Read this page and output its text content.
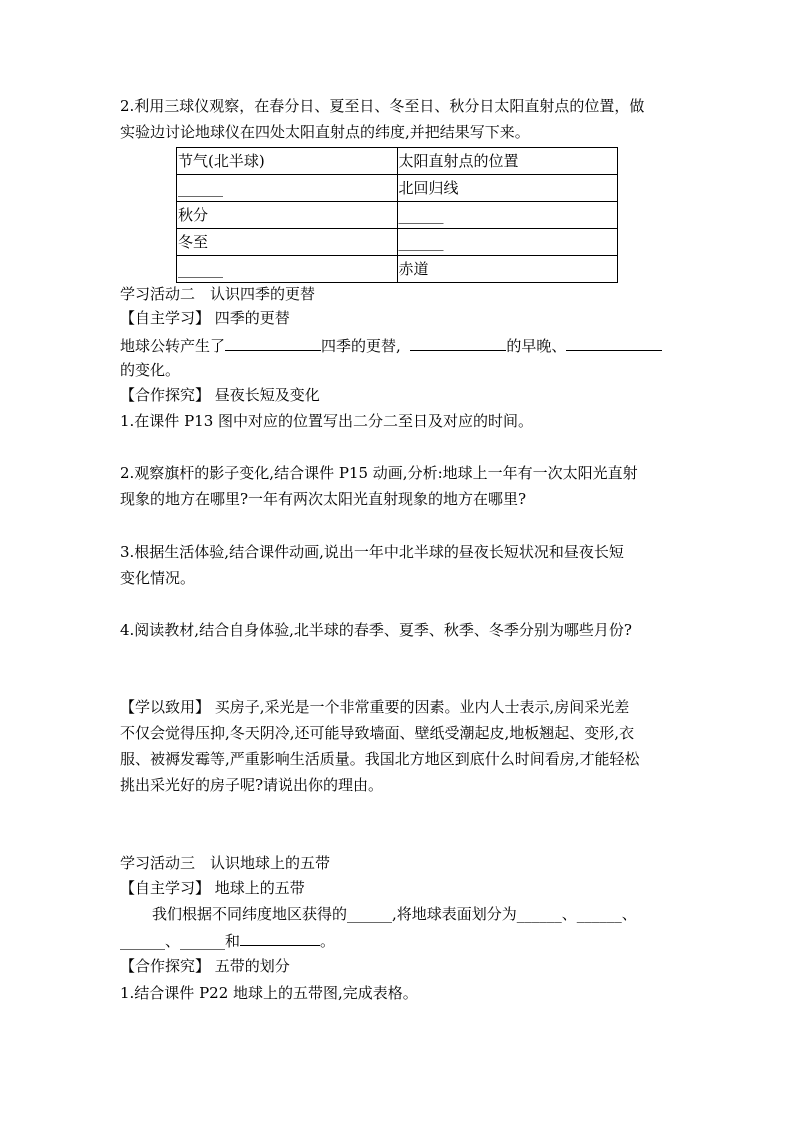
2.利用三球仪观察，在春分日、夏至日、冬至日、秋分日太阳直射点的位置，做
实验边讨论地球仪在四处太阳直射点的纬度,并把结果写下来。
节气(北半球)	太阳直射点的位置
______	北回归线
秋分	______
冬至	______
______	赤道
学习活动二　认识四季的更替
【自主学习】 四季的更替
地球公转产生了	四季的更替,	的早晚、
的变化。
【合作探究】 昼夜长短及变化
1.在课件 P13 图中对应的位置写出二分二至日及对应的时间。
2.观察旗杆的影子变化,结合课件 P15 动画,分析:地球上一年有一次太阳光直射
现象的地方在哪里?一年有两次太阳光直射现象的地方在哪里?
3.根据生活体验,结合课件动画,说出一年中北半球的昼夜长短状况和昼夜长短
变化情况。
4.阅读教材,结合自身体验,北半球的春季、夏季、秋季、冬季分别为哪些月份?
【学以致用】 买房子,采光是一个非常重要的因素。业内人士表示,房间采光差
不仅会觉得压抑,冬天阴冷,还可能导致墙面、壁纸受潮起皮,地板翘起、变形,衣
服、被褥发霉等,严重影响生活质量。我国北方地区到底什么时间看房,才能轻松
挑出采光好的房子呢?请说出你的理由。
学习活动三　认识地球上的五带
【自主学习】 地球上的五带
我们根据不同纬度地区获得的______,将地球表面划分为______、______、
______、______和	。
【合作探究】 五带的划分
1.结合课件 P22 地球上的五带图,完成表格。
